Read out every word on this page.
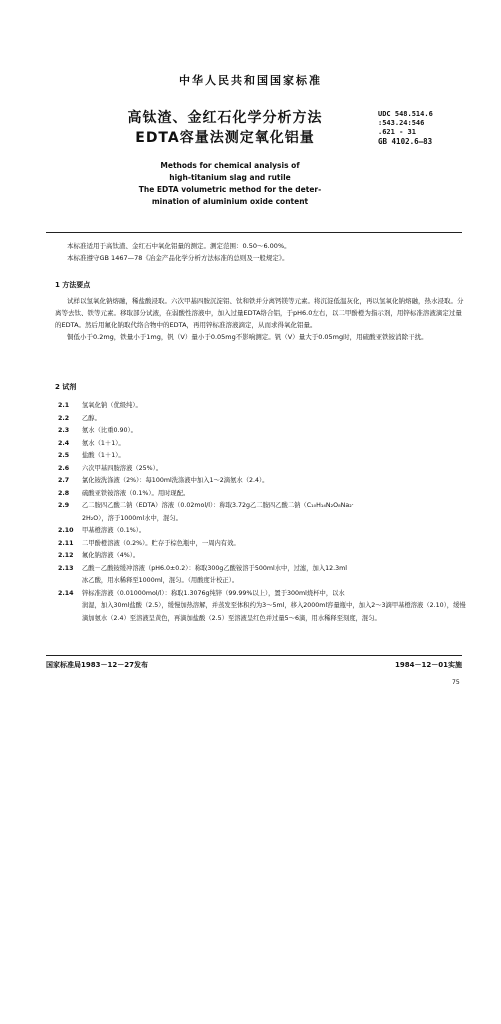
中华人民共和国国家标准
高钛渣、金红石化学分析方法
EDTA容量法测定氧化铝量
UDC 548.514.6
:543.24:546
.621 - 31
GB 4102.6—83
Methods for chemical analysis of
high-titanium slag and rutile
The EDTA volumetric method for the deter-
mination of aluminium oxide content

本标准适用于高钛渣、金红石中氧化铝量的测定。测定范围：0.50～6.00%。

本标准遵守GB 1467—78《冶金产品化学分析方法标准的总则及一般规定》。

1 方法要点

试样以氢氧化钠熔融，稀盐酸浸取。六次甲基四胺沉淀铝、钛和铁并分离钙镁等元素。将沉淀低温灰化，再以氢氧化钠熔融，热水浸取。分离等去钛、铁等元素。移取部分试液，在弱酸性溶液中，加入过量EDTA络合铝，于pH6.0左右，以二甲酚橙为指示剂，用锌标准溶液滴定过量的EDTA。然后用氟化钠取代络合物中的EDTA，再用锌标准溶液滴定，从而求得氧化铝量。

铜低小于0.2mg，铁量小于1mg，钒（V）量小于0.05mg不影响测定。钒（V）量大于0.05mg时，用硫酸亚铁铵消除干扰。

2 试剂
2.1	氢氧化钠（优级纯）。
2.2	乙醇。
2.3	氨水（比重0.90）。
2.4	氨水（1＋1）。
2.5	盐酸（1＋1）。
2.6	六次甲基四胺溶液（25%）。
2.7	氯化铵洗涤液（2%）：每100ml洗涤液中加入1～2滴氨水（2.4）。
2.8	硫酸亚铁铵溶液（0.1%）。用时现配。
2.9	乙二胺四乙酸二钠（EDTA）溶液（0.02mol/l）：称取3.72g乙二胺四乙酸二钠（C₁₀H₁₄N₂O₈Na₂·
2H₂O），溶于1000ml水中，混匀。
2.10	甲基橙溶液（0.1%）。
2.11	二甲酚橙溶液（0.2%）。贮存于棕色瓶中，一周内有效。
2.12	氟化钠溶液（4%）。
2.13	乙酸－乙酸铵缓冲溶液（pH6.0±0.2）：称取300g乙酸铵溶于500ml水中，过滤，加入12.3ml
冰乙酸，用水稀释至1000ml，混匀。（用酸度计校正）。
2.14	锌标准溶液（0.01000mol/l）：称取1.3076g纯锌（99.99%以上），置于300ml烧杯中，以水
润湿，加入30ml盐酸（2.5），缓慢加热溶解，并蒸发至体积约为3～5ml，移入2000ml容量瓶中，加入2～3滴甲基橙溶液（2.10），缓慢滴加氨水（2.4）至溶液呈黄色，再滴加盐酸（2.5）至溶液呈红色并过量5～6滴，用水稀释至刻度，混匀。
国家标准局1983－12－27发布	1984－12－01实施
75
